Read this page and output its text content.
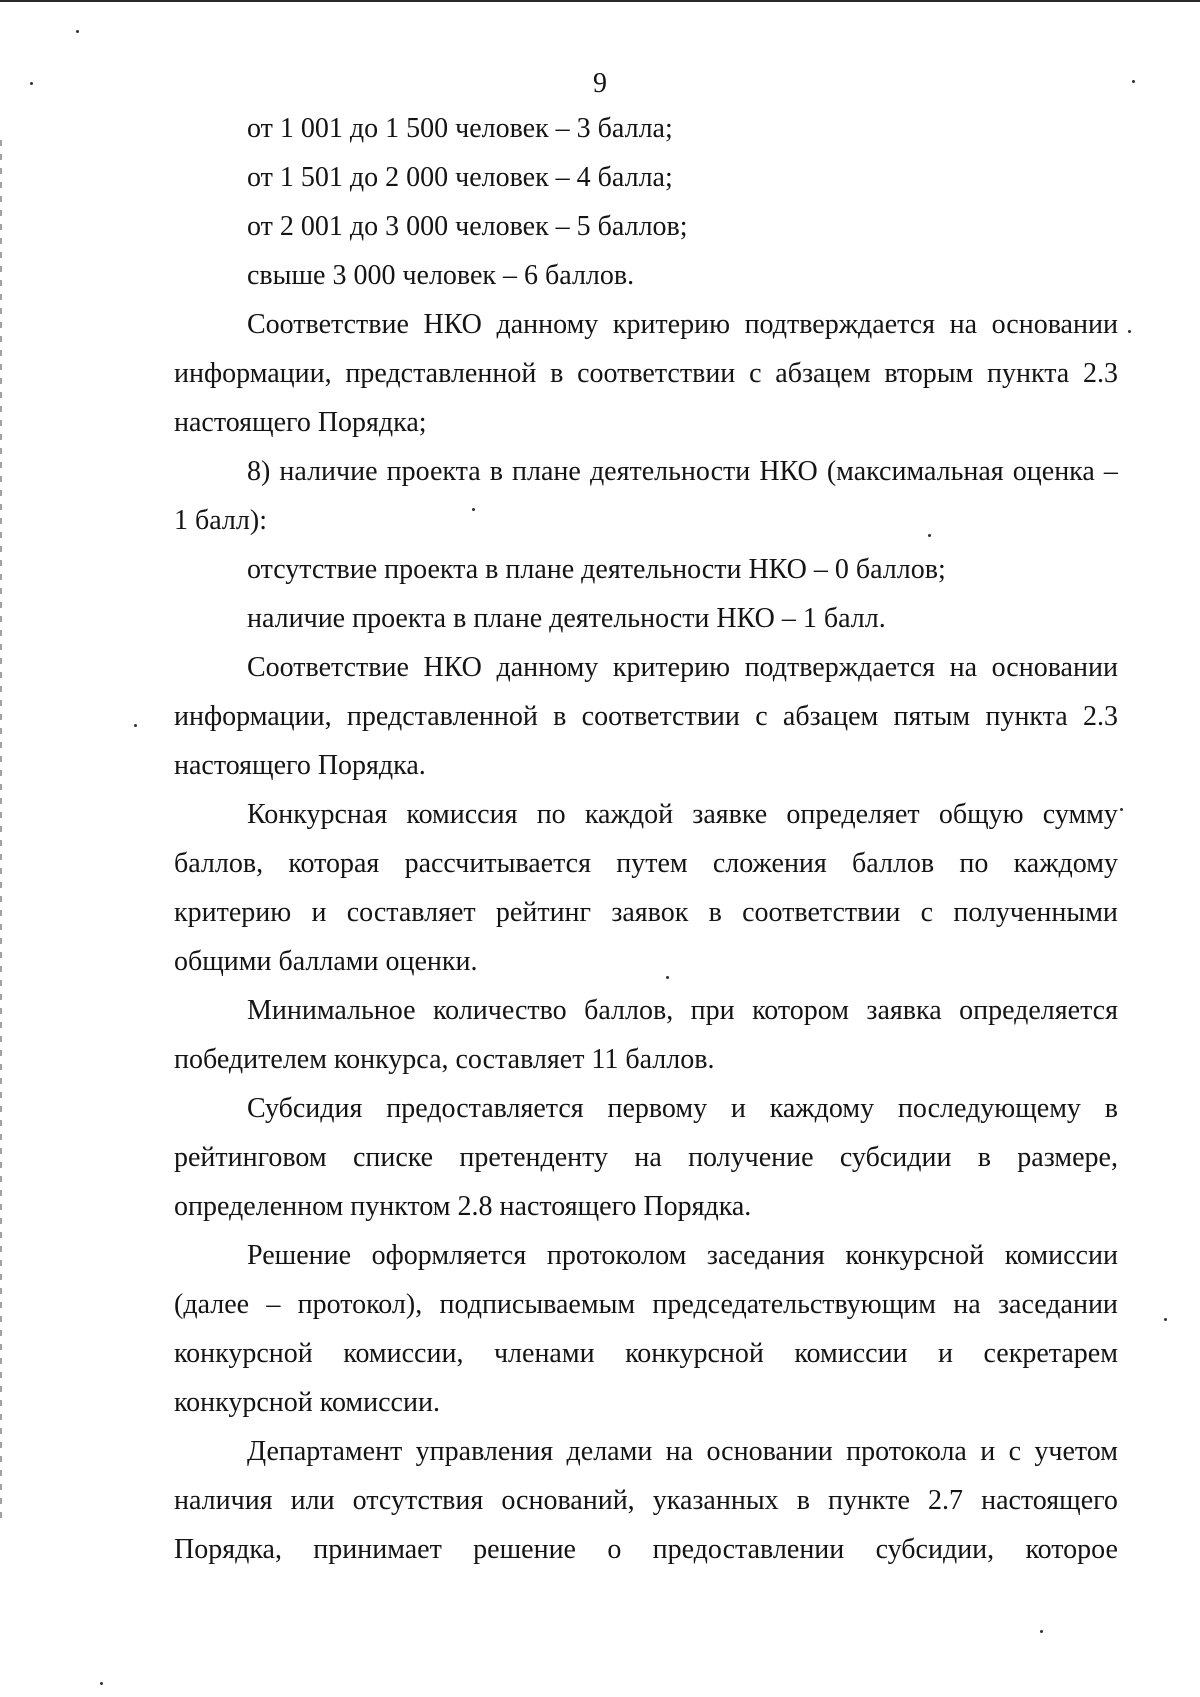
9
от 1 001 до 1 500 человек – 3 балла;
от 1 501 до 2 000 человек – 4 балла;
от 2 001 до 3 000 человек – 5 баллов;
свыше 3 000 человек – 6 баллов.
Соответствие НКО данному критерию подтверждается на основании
информации, представленной в соответствии с абзацем вторым пункта 2.3
настоящего Порядка;
8) наличие проекта в плане деятельности НКО (максимальная оценка –
1 балл):
отсутствие проекта в плане деятельности НКО – 0 баллов;
наличие проекта в плане деятельности НКО – 1 балл.
Соответствие НКО данному критерию подтверждается на основании
информации, представленной в соответствии с абзацем пятым пункта 2.3
настоящего Порядка.
Конкурсная комиссия по каждой заявке определяет общую сумму
баллов, которая рассчитывается путем сложения баллов по каждому
критерию и составляет рейтинг заявок в соответствии с полученными
общими баллами оценки.
Минимальное количество баллов, при котором заявка определяется
победителем конкурса, составляет 11 баллов.
Субсидия предоставляется первому и каждому последующему в
рейтинговом списке претенденту на получение субсидии в размере,
определенном пунктом 2.8 настоящего Порядка.
Решение оформляется протоколом заседания конкурсной комиссии
(далее – протокол), подписываемым председательствующим на заседании
конкурсной комиссии, членами конкурсной комиссии и секретарем
конкурсной комиссии.
Департамент управления делами на основании протокола и с учетом
наличия или отсутствия оснований, указанных в пункте 2.7 настоящего
Порядка, принимает решение о предоставлении субсидии, которое
